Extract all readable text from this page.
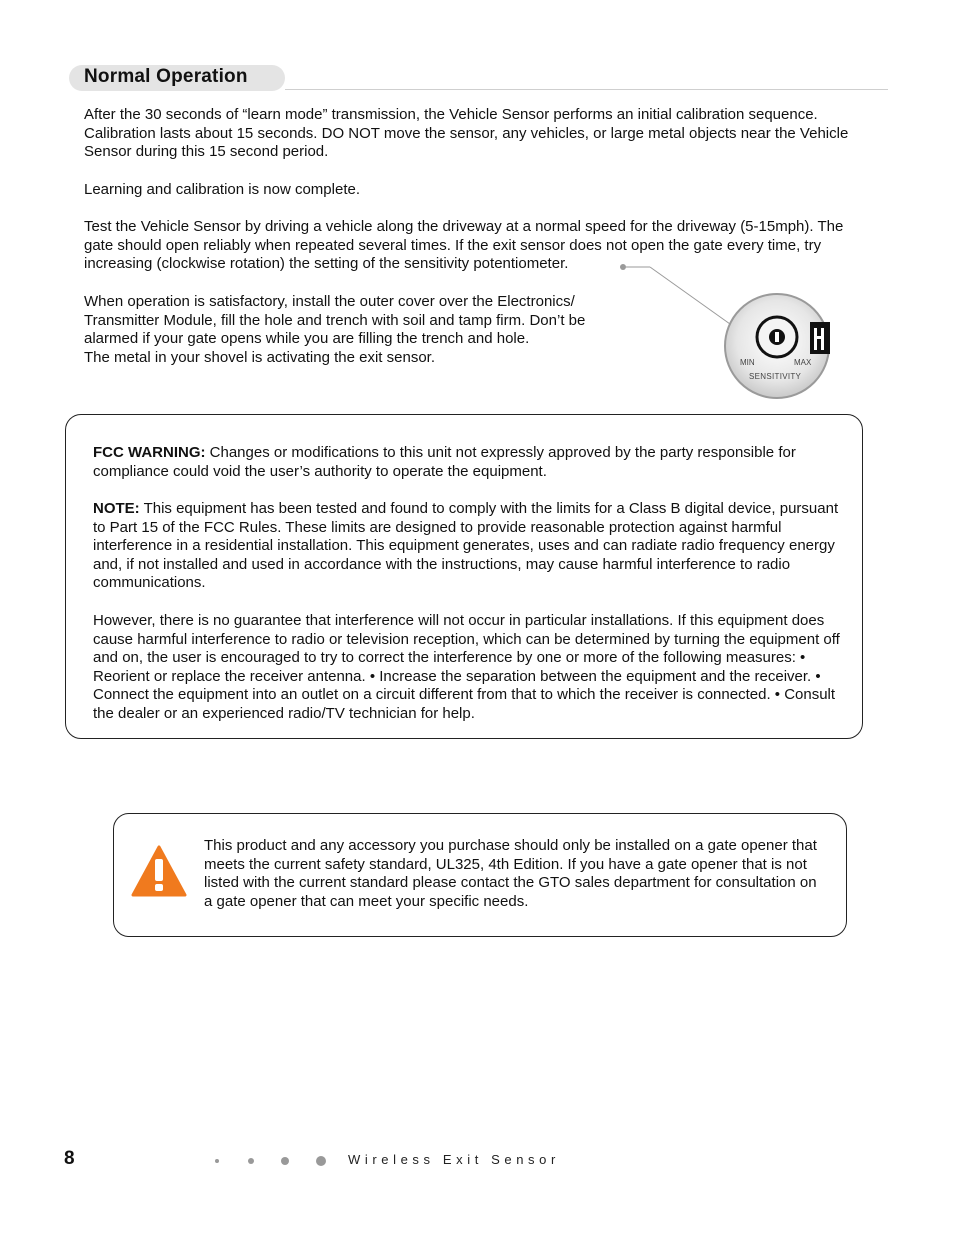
Normal Operation

After the 30 seconds of “learn mode” transmission, the Vehicle Sensor performs an initial calibration sequence. Calibration lasts about 15 seconds. DO NOT move the sensor, any vehicles, or large metal objects near the Vehicle Sensor during this 15 second period.

Learning and calibration is now complete.

Test the Vehicle Sensor by driving a vehicle along the driveway at a normal speed for the driveway (5-15mph). The gate should open reliably when repeated several times. If the exit sensor does not open the gate every time, try increasing (clockwise rotation) the setting of the sensitivity potentiometer.

When operation is satisfactory, install the outer cover over the Electronics/ Transmitter Module, fill the hole and trench with soil and tamp firm. Don’t be alarmed if your gate opens while you are filling the trench and hole.

The metal in your shovel is activating the exit sensor.	MIN	MAX
SENSITIVITY

FCC WARNING: Changes or modifications to this unit not expressly approved by the party responsible for compliance could void the user’s authority to operate the equipment.

NOTE: This equipment has been tested and found to comply with the limits for a Class B digital device, pursuant to Part 15 of the FCC Rules. These limits are designed to provide reasonable protection against harmful interference in a residential installation. This equipment generates, uses and can radiate radio frequency energy and, if not installed and used in accordance with the instructions, may cause harmful interference to radio communications.

However, there is no guarantee that interference will not occur in particular installations. If this equipment does cause harmful interference to radio or television reception, which can be determined by turning the equipment off and on, the user is encouraged to try to correct the interference by one or more of the following measures: • Reorient or replace the receiver antenna. • Increase the separation between the equipment and the receiver. • Connect the equipment into an outlet on a circuit different from that to which the receiver is connected. • Consult the dealer or an experienced radio/TV technician for help.

This product and any accessory you purchase should only be installed on a gate opener that meets the current safety standard, UL325, 4th Edition. If you have a gate opener that is not listed with the current standard please contact the GTO sales department for consultation on a gate opener that can meet your specific needs.

8	Wireless Exit Sensor
